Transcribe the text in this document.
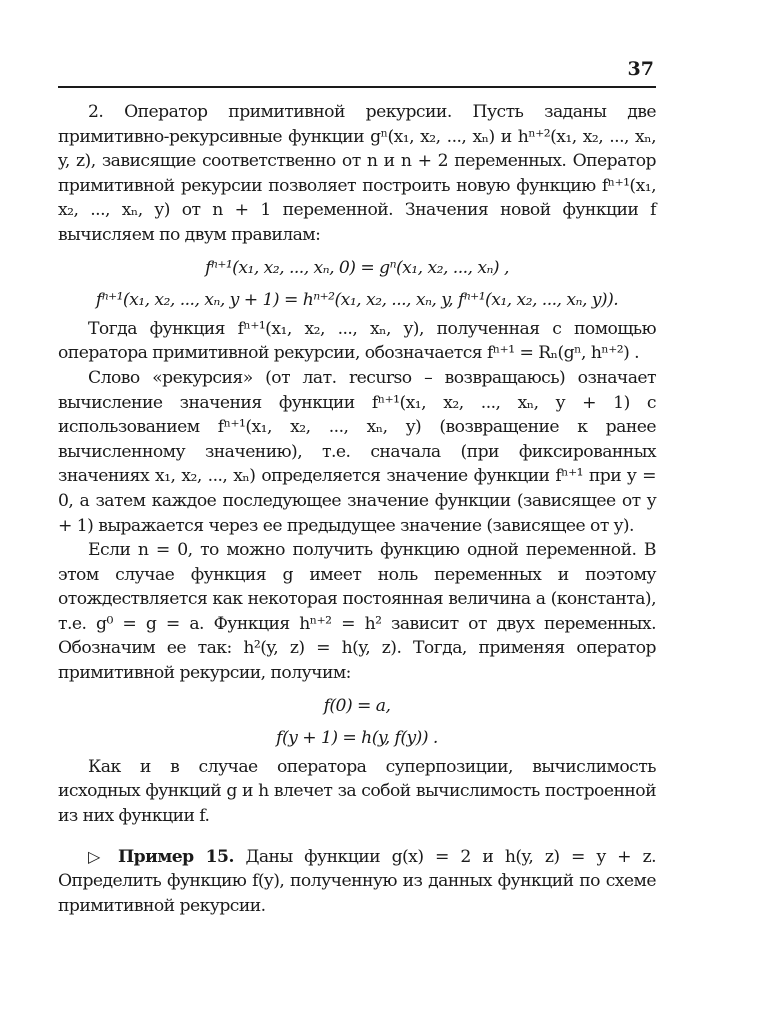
37

2. Оператор примитивной рекурсии. Пусть заданы две примитивно-рекурсивные функции gⁿ(x₁, x₂, ..., xₙ) и hⁿ⁺²(x₁, x₂, ..., xₙ, y, z), зависящие соответственно от n и n + 2 переменных. Оператор примитивной рекурсии позволяет построить новую функцию fⁿ⁺¹(x₁, x₂, ..., xₙ, y) от n + 1 переменной. Значения новой функции f вычисляем по двум правилам:

fⁿ⁺¹(x₁, x₂, ..., xₙ, 0) = gⁿ(x₁, x₂, ..., xₙ) ,
fⁿ⁺¹(x₁, x₂, ..., xₙ, y + 1) = hⁿ⁺²(x₁, x₂, ..., xₙ, y, fⁿ⁺¹(x₁, x₂, ..., xₙ, y)).

Тогда функция fⁿ⁺¹(x₁, x₂, ..., xₙ, y), полученная с помощью оператора примитивной рекурсии, обозначается fⁿ⁺¹ = Rₙ(gⁿ, hⁿ⁺²) .

Слово «рекурсия» (от лат. recurso – возвращаюсь) означает вычисление значения функции fⁿ⁺¹(x₁, x₂, ..., xₙ, y + 1) с использованием fⁿ⁺¹(x₁, x₂, ..., xₙ, y) (возвращение к ранее вычисленному значению), т.е. сначала (при фиксированных значениях x₁, x₂, ..., xₙ) определяется значение функции fⁿ⁺¹ при y = 0, а затем каждое последующее значение функции (зависящее от y + 1) выражается через ее предыдущее значение (зависящее от y).

Если n = 0, то можно получить функцию одной переменной. В этом случае функция g имеет ноль переменных и поэтому отождествляется как некоторая постоянная величина a (константа), т.е. g⁰ = g = a. Функция hⁿ⁺² = h² зависит от двух переменных. Обозначим ее так: h²(y, z) = h(y, z). Тогда, применяя оператор примитивной рекурсии, получим:

f(0) = a,
f(y + 1) = h(y, f(y)) .

Как и в случае оператора суперпозиции, вычислимость исходных функций g и h влечет за собой вычислимость построенной из них функции f.

▷ Пример 15. Даны функции g(x) = 2 и h(y, z) = y + z. Определить функцию f(y), полученную из данных функций по схеме примитивной рекурсии.
